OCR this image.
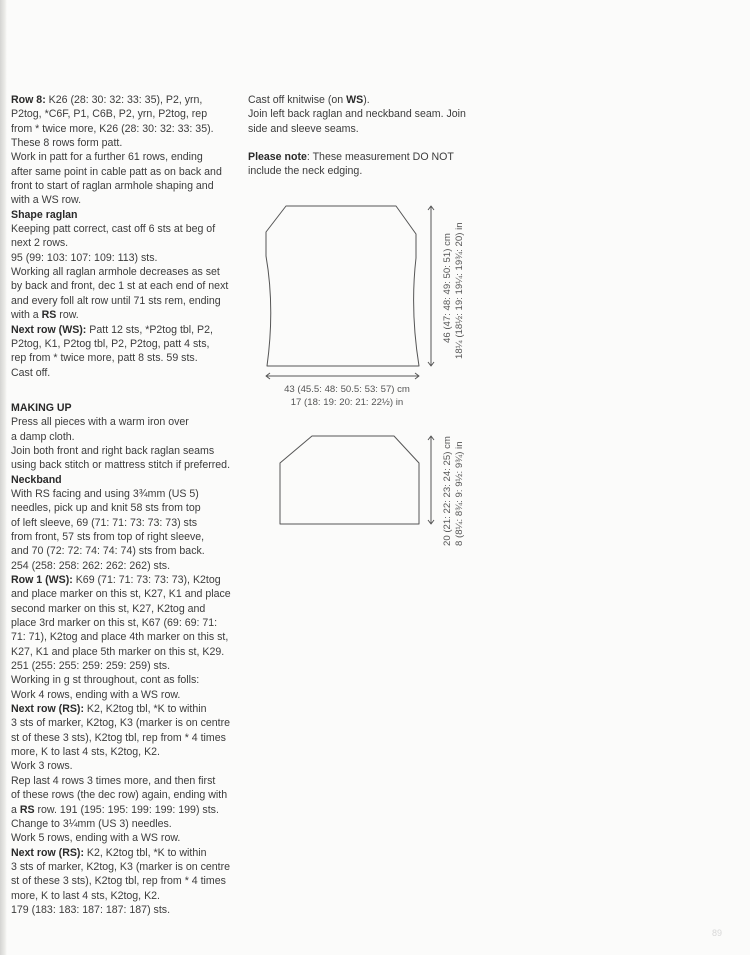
Row 8: K26 (28: 30: 32: 33: 35), P2, yrn,
P2tog, *C6F, P1, C6B, P2, yrn, P2tog, rep
from * twice more, K26 (28: 30: 32: 33: 35).
These 8 rows form patt.
Work in patt for a further 61 rows, ending
after same point in cable patt as on back and
front to start of raglan armhole shaping and
with a WS row.

Shape raglan

Keeping patt correct, cast off 6 sts at beg of
next 2 rows.
95 (99: 103: 107: 109: 113) sts.
Working all raglan armhole decreases as set
by back and front, dec 1 st at each end of next
and every foll alt row until 71 sts rem, ending
with a RS row.

Next row (WS): Patt 12 sts, *P2tog tbl, P2,
P2tog, K1, P2tog tbl, P2, P2tog, patt 4 sts,
rep from * twice more, patt 8 sts. 59 sts.
Cast off.

MAKING UP

Press all pieces with a warm iron over
a damp cloth.
Join both front and right back raglan seams
using back stitch or mattress stitch if preferred.

Neckband

With RS facing and using 3¾mm (US 5)
needles, pick up and knit 58 sts from top
of left sleeve, 69 (71: 71: 73: 73: 73) sts
from front, 57 sts from top of right sleeve,
and 70 (72: 72: 74: 74: 74) sts from back.
254 (258: 258: 262: 262: 262) sts.

Row 1 (WS): K69 (71: 71: 73: 73: 73), K2tog
and place marker on this st, K27, K1 and place
second marker on this st, K27, K2tog and
place 3rd marker on this st, K67 (69: 69: 71:
71: 71), K2tog and place 4th marker on this st,
K27, K1 and place 5th marker on this st, K29.
251 (255: 255: 259: 259: 259) sts.
Working in g st throughout, cont as folls:
Work 4 rows, ending with a WS row.

Next row (RS): K2, K2tog tbl, *K to within
3 sts of marker, K2tog, K3 (marker is on centre
st of these 3 sts), K2tog tbl, rep from * 4 times
more, K to last 4 sts, K2tog, K2.
Work 3 rows.
Rep last 4 rows 3 times more, and then first
of these rows (the dec row) again, ending with
a RS row. 191 (195: 195: 199: 199: 199) sts.
Change to 3¼mm (US 3) needles.
Work 5 rows, ending with a WS row.

Next row (RS): K2, K2tog tbl, *K to within
3 sts of marker, K2tog, K3 (marker is on centre
st of these 3 sts), K2tog tbl, rep from * 4 times
more, K to last 4 sts, K2tog, K2.
179 (183: 183: 187: 187: 187) sts.

Cast off knitwise (on WS).
Join left back raglan and neckband seam. Join
side and sleeve seams.

Please note: These measurement DO NOT
include the neck edging.

43 (45.5: 48: 50.5: 53: 57) cm
17 (18: 19: 20: 21: 22½) in
46 (47: 48: 49: 50: 51) cm 18¼ (18½: 19: 19¼: 19¾: 20) in
20 (21: 22: 23: 24: 25) cm 8 (8¼: 8¾: 9: 9½: 9¾) in
89
